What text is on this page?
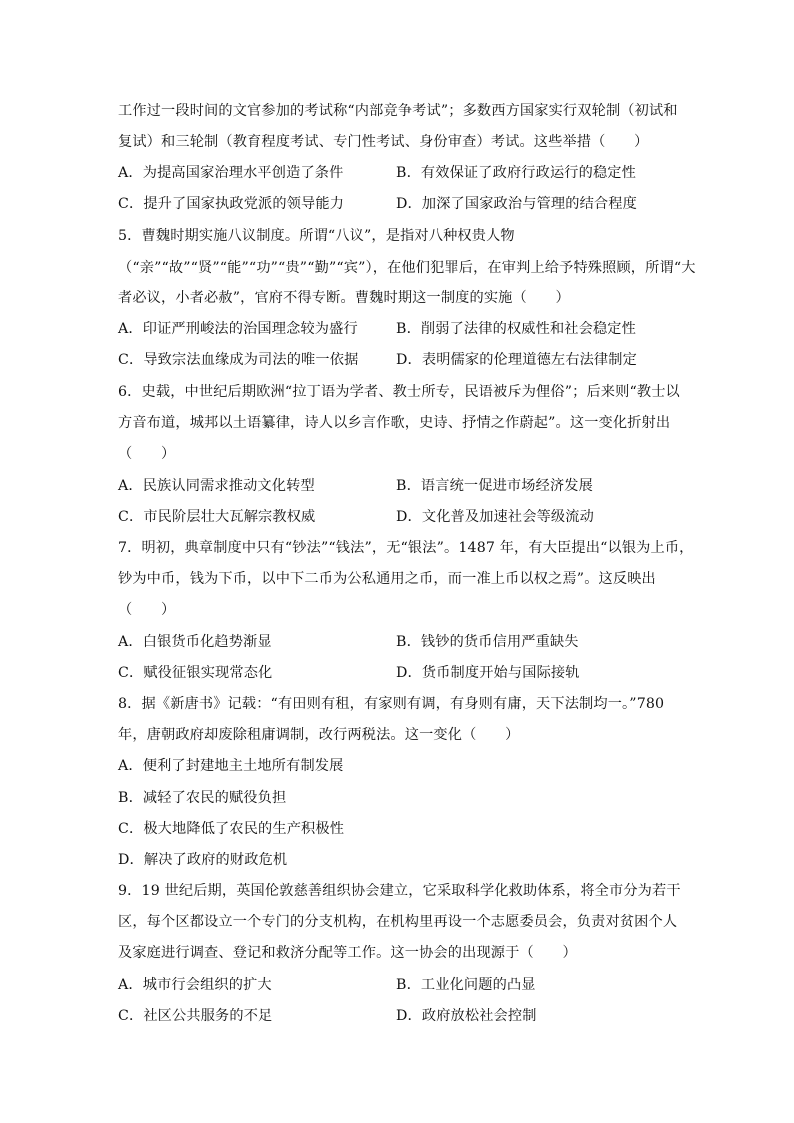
工作过一段时间的文官参加的考试称“内部竞争考试”；多数西方国家实行双轮制（初试和
复试）和三轮制（教育程度考试、专门性考试、身份审查）考试。这些举措（　　）
A．为提高国家治理水平创造了条件	B．有效保证了政府行政运行的稳定性
C．提升了国家执政党派的领导能力	D．加深了国家政治与管理的结合程度
5．曹魏时期实施八议制度。所谓“八议”，是指对八种权贵人物
（“亲”“故”“贤”“能”“功”“贵”“勤”“宾”），在他们犯罪后，在审判上给予特殊照顾，所谓“大
者必议，小者必赦”，官府不得专断。曹魏时期这一制度的实施（　　）
A．印证严刑峻法的治国理念较为盛行	B．削弱了法律的权威性和社会稳定性
C．导致宗法血缘成为司法的唯一依据	D．表明儒家的伦理道德左右法律制定
6．史载，中世纪后期欧洲“拉丁语为学者、教士所专，民语被斥为俚俗”；后来则“教士以
方音布道，城邦以土语纂律，诗人以乡言作歌，史诗、抒情之作蔚起”。这一变化折射出
（　　）
A．民族认同需求推动文化转型	B．语言统一促进市场经济发展
C．市民阶层壮大瓦解宗教权威	D．文化普及加速社会等级流动
7．明初，典章制度中只有“钞法”“钱法”，无“银法”。1487 年，有大臣提出“以银为上币，
钞为中币，钱为下币，以中下二币为公私通用之币，而一准上币以权之焉”。这反映出
（　　）
A．白银货币化趋势渐显	B．钱钞的货币信用严重缺失
C．赋役征银实现常态化	D．货币制度开始与国际接轨
8．据《新唐书》记载：“有田则有租，有家则有调，有身则有庸，天下法制均一。”780
年，唐朝政府却废除租庸调制，改行两税法。这一变化（　　）
A．便利了封建地主土地所有制发展
B．减轻了农民的赋役负担
C．极大地降低了农民的生产积极性
D．解决了政府的财政危机
9．19 世纪后期，英国伦敦慈善组织协会建立，它采取科学化救助体系，将全市分为若干
区，每个区都设立一个专门的分支机构，在机构里再设一个志愿委员会，负责对贫困个人
及家庭进行调查、登记和救济分配等工作。这一协会的出现源于（　　）
A．城市行会组织的扩大	B．工业化问题的凸显
C．社区公共服务的不足	D．政府放松社会控制
